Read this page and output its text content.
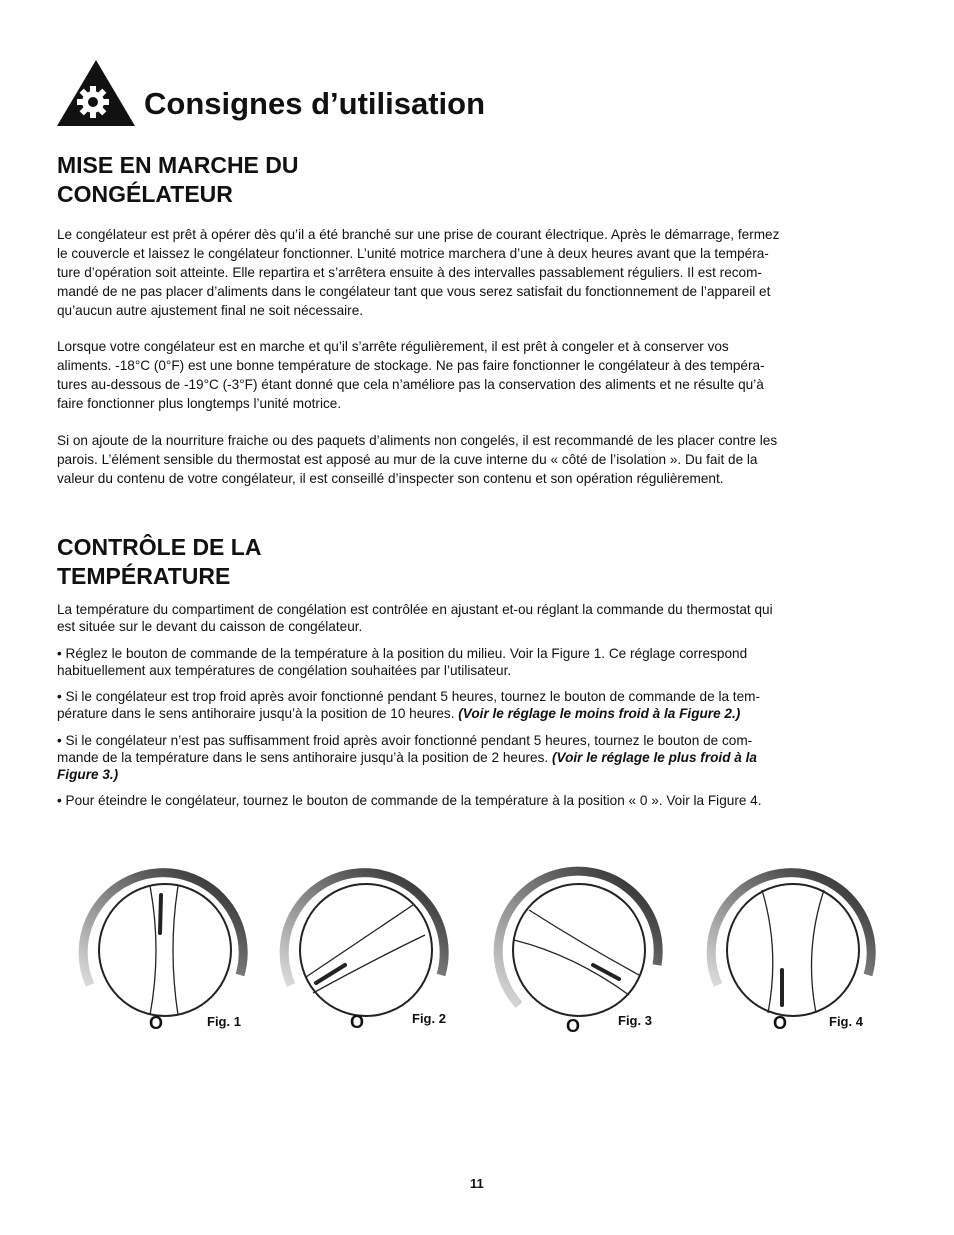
Consignes d’utilisation
MISE EN MARCHE DU
CONGÉLATEUR

Le congélateur est prêt à opérer dès qu’il a été branché sur une prise de courant électrique. Après le démarrage, fermez

le couvercle et laissez le congélateur fonctionner. L’unité motrice marchera d’une à deux heures avant que la tempéra-

ture d’opération soit atteinte. Elle repartira et s’arrêtera ensuite à des intervalles passablement réguliers. Il est recom-

mandé de ne pas placer d’aliments dans le congélateur tant que vous serez satisfait du fonctionnement de l’appareil et

qu’aucun autre ajustement final ne soit nécessaire.

Lorsque votre congélateur est en marche et qu’il s’arrête régulièrement, il est prêt à congeler et à conserver vos

aliments. -18°C (0°F) est une bonne température de stockage. Ne pas faire fonctionner le congélateur à des tempéra-

tures au-dessous de -19°C (-3°F) étant donné que cela n’améliore pas la conservation des aliments et ne résulte qu’à

faire fonctionner plus longtemps l’unité motrice.

Si on ajoute de la nourriture fraiche ou des paquets d’aliments non congelés, il est recommandé de les placer contre les

parois. L’élément sensible du thermostat est apposé au mur de la cuve interne du « côté de l’isolation ». Du fait de la

valeur du contenu de votre congélateur, il est conseillé d’inspecter son contenu et son opération régulièrement.

CONTRÔLE DE LA
TEMPÉRATURE

La température du compartiment de congélation est contrôlée en ajustant et-ou réglant la commande du thermostat qui

est située sur le devant du caisson de congélateur.

• Réglez le bouton de commande de la température à la position du milieu. Voir la Figure 1. Ce réglage correspond

habituellement aux températures de congélation souhaitées par l’utilisateur.

• Si le congélateur est trop froid après avoir fonctionné pendant 5 heures, tournez le bouton de commande de la tem-

pérature dans le sens antihoraire jusqu’à la position de 10 heures. (Voir le réglage le moins froid à la Figure 2.)

• Si le congélateur n’est pas suffisamment froid après avoir fonctionné pendant 5 heures, tournez le bouton de com-

mande de la température dans le sens antihoraire jusqu’à la position de 2 heures. (Voir le réglage le plus froid à la

Figure 3.)

• Pour éteindre le congélateur, tournez le bouton de commande de la température à la position « 0 ». Voir la Figure 4.

O	Fig. 1	O	Fig. 2	O	Fig. 3	O	Fig. 4
11
